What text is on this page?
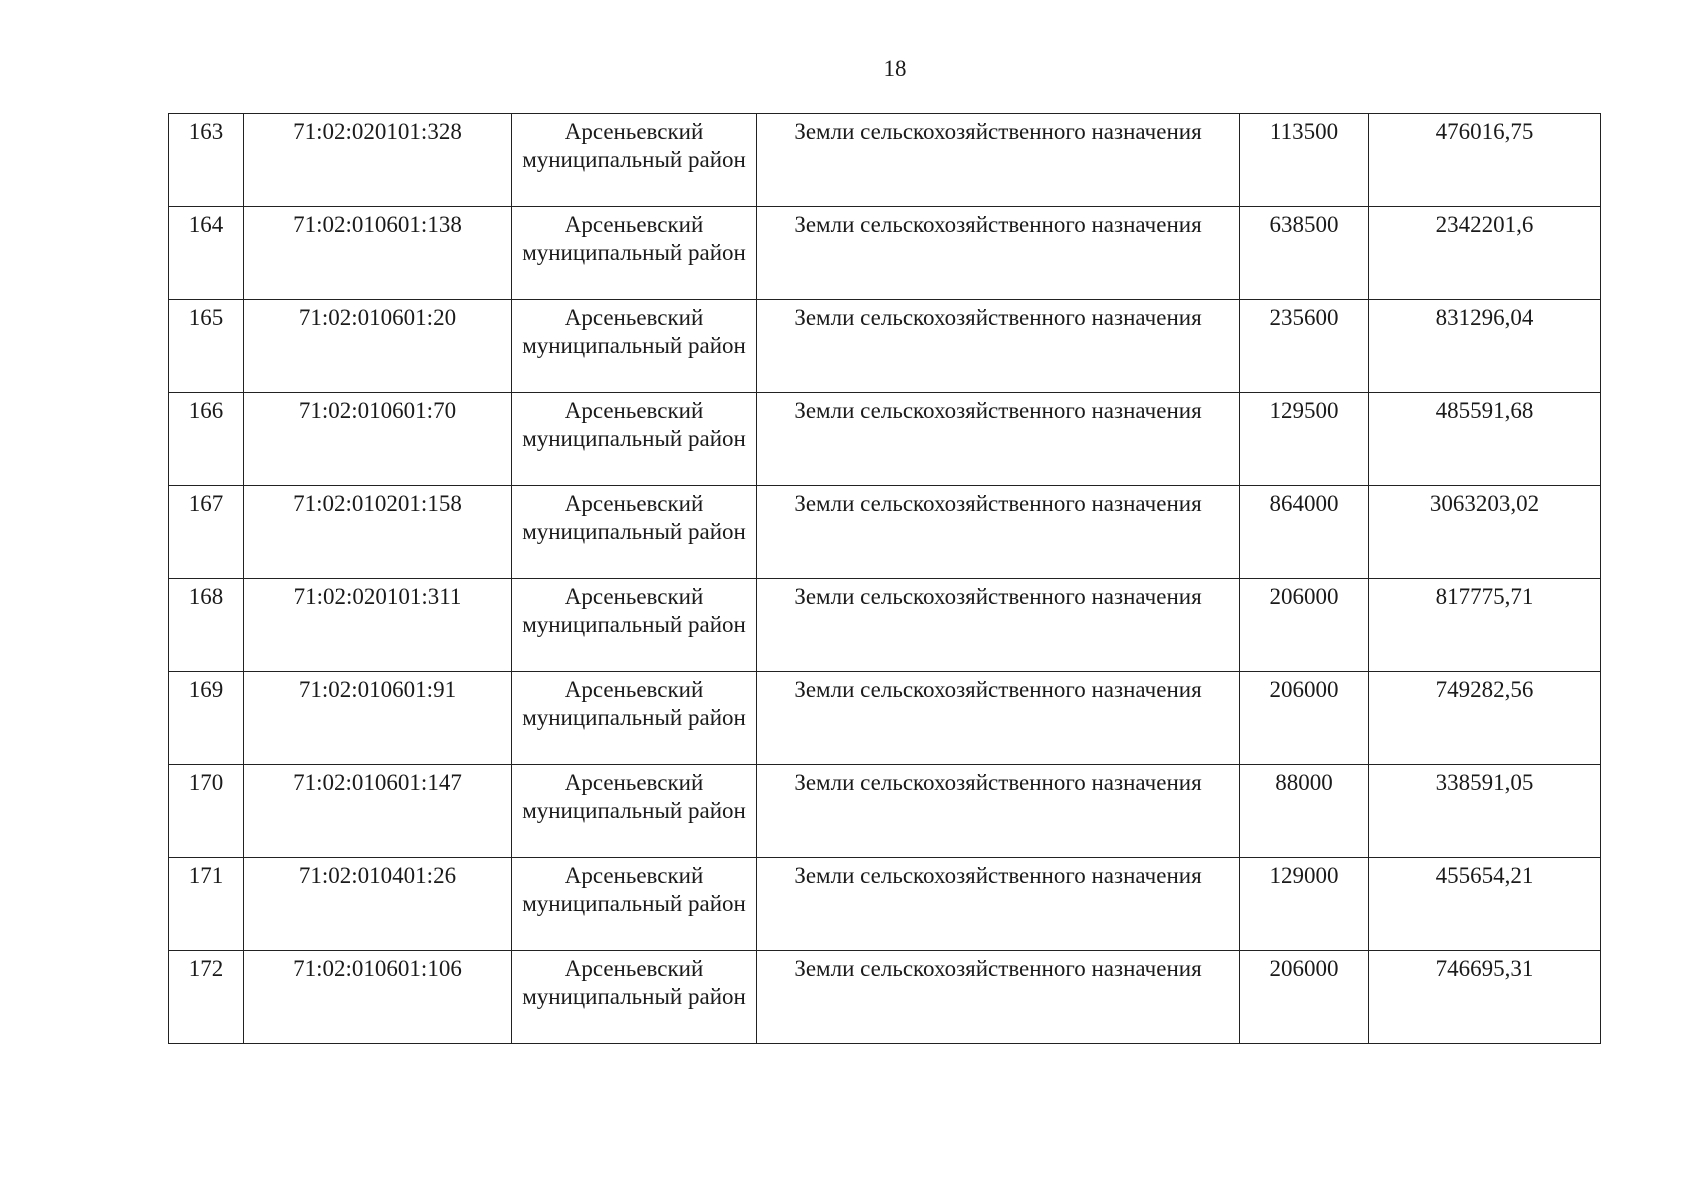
18
163	71:02:020101:328	Арсеньевский муниципальный район	Земли сельскохозяйственного назначения	113500	476016,75
164	71:02:010601:138	Арсеньевский муниципальный район	Земли сельскохозяйственного назначения	638500	2342201,6
165	71:02:010601:20	Арсеньевский муниципальный район	Земли сельскохозяйственного назначения	235600	831296,04
166	71:02:010601:70	Арсеньевский муниципальный район	Земли сельскохозяйственного назначения	129500	485591,68
167	71:02:010201:158	Арсеньевский муниципальный район	Земли сельскохозяйственного назначения	864000	3063203,02
168	71:02:020101:311	Арсеньевский муниципальный район	Земли сельскохозяйственного назначения	206000	817775,71
169	71:02:010601:91	Арсеньевский муниципальный район	Земли сельскохозяйственного назначения	206000	749282,56
170	71:02:010601:147	Арсеньевский муниципальный район	Земли сельскохозяйственного назначения	88000	338591,05
171	71:02:010401:26	Арсеньевский муниципальный район	Земли сельскохозяйственного назначения	129000	455654,21
172	71:02:010601:106	Арсеньевский муниципальный район	Земли сельскохозяйственного назначения	206000	746695,31
